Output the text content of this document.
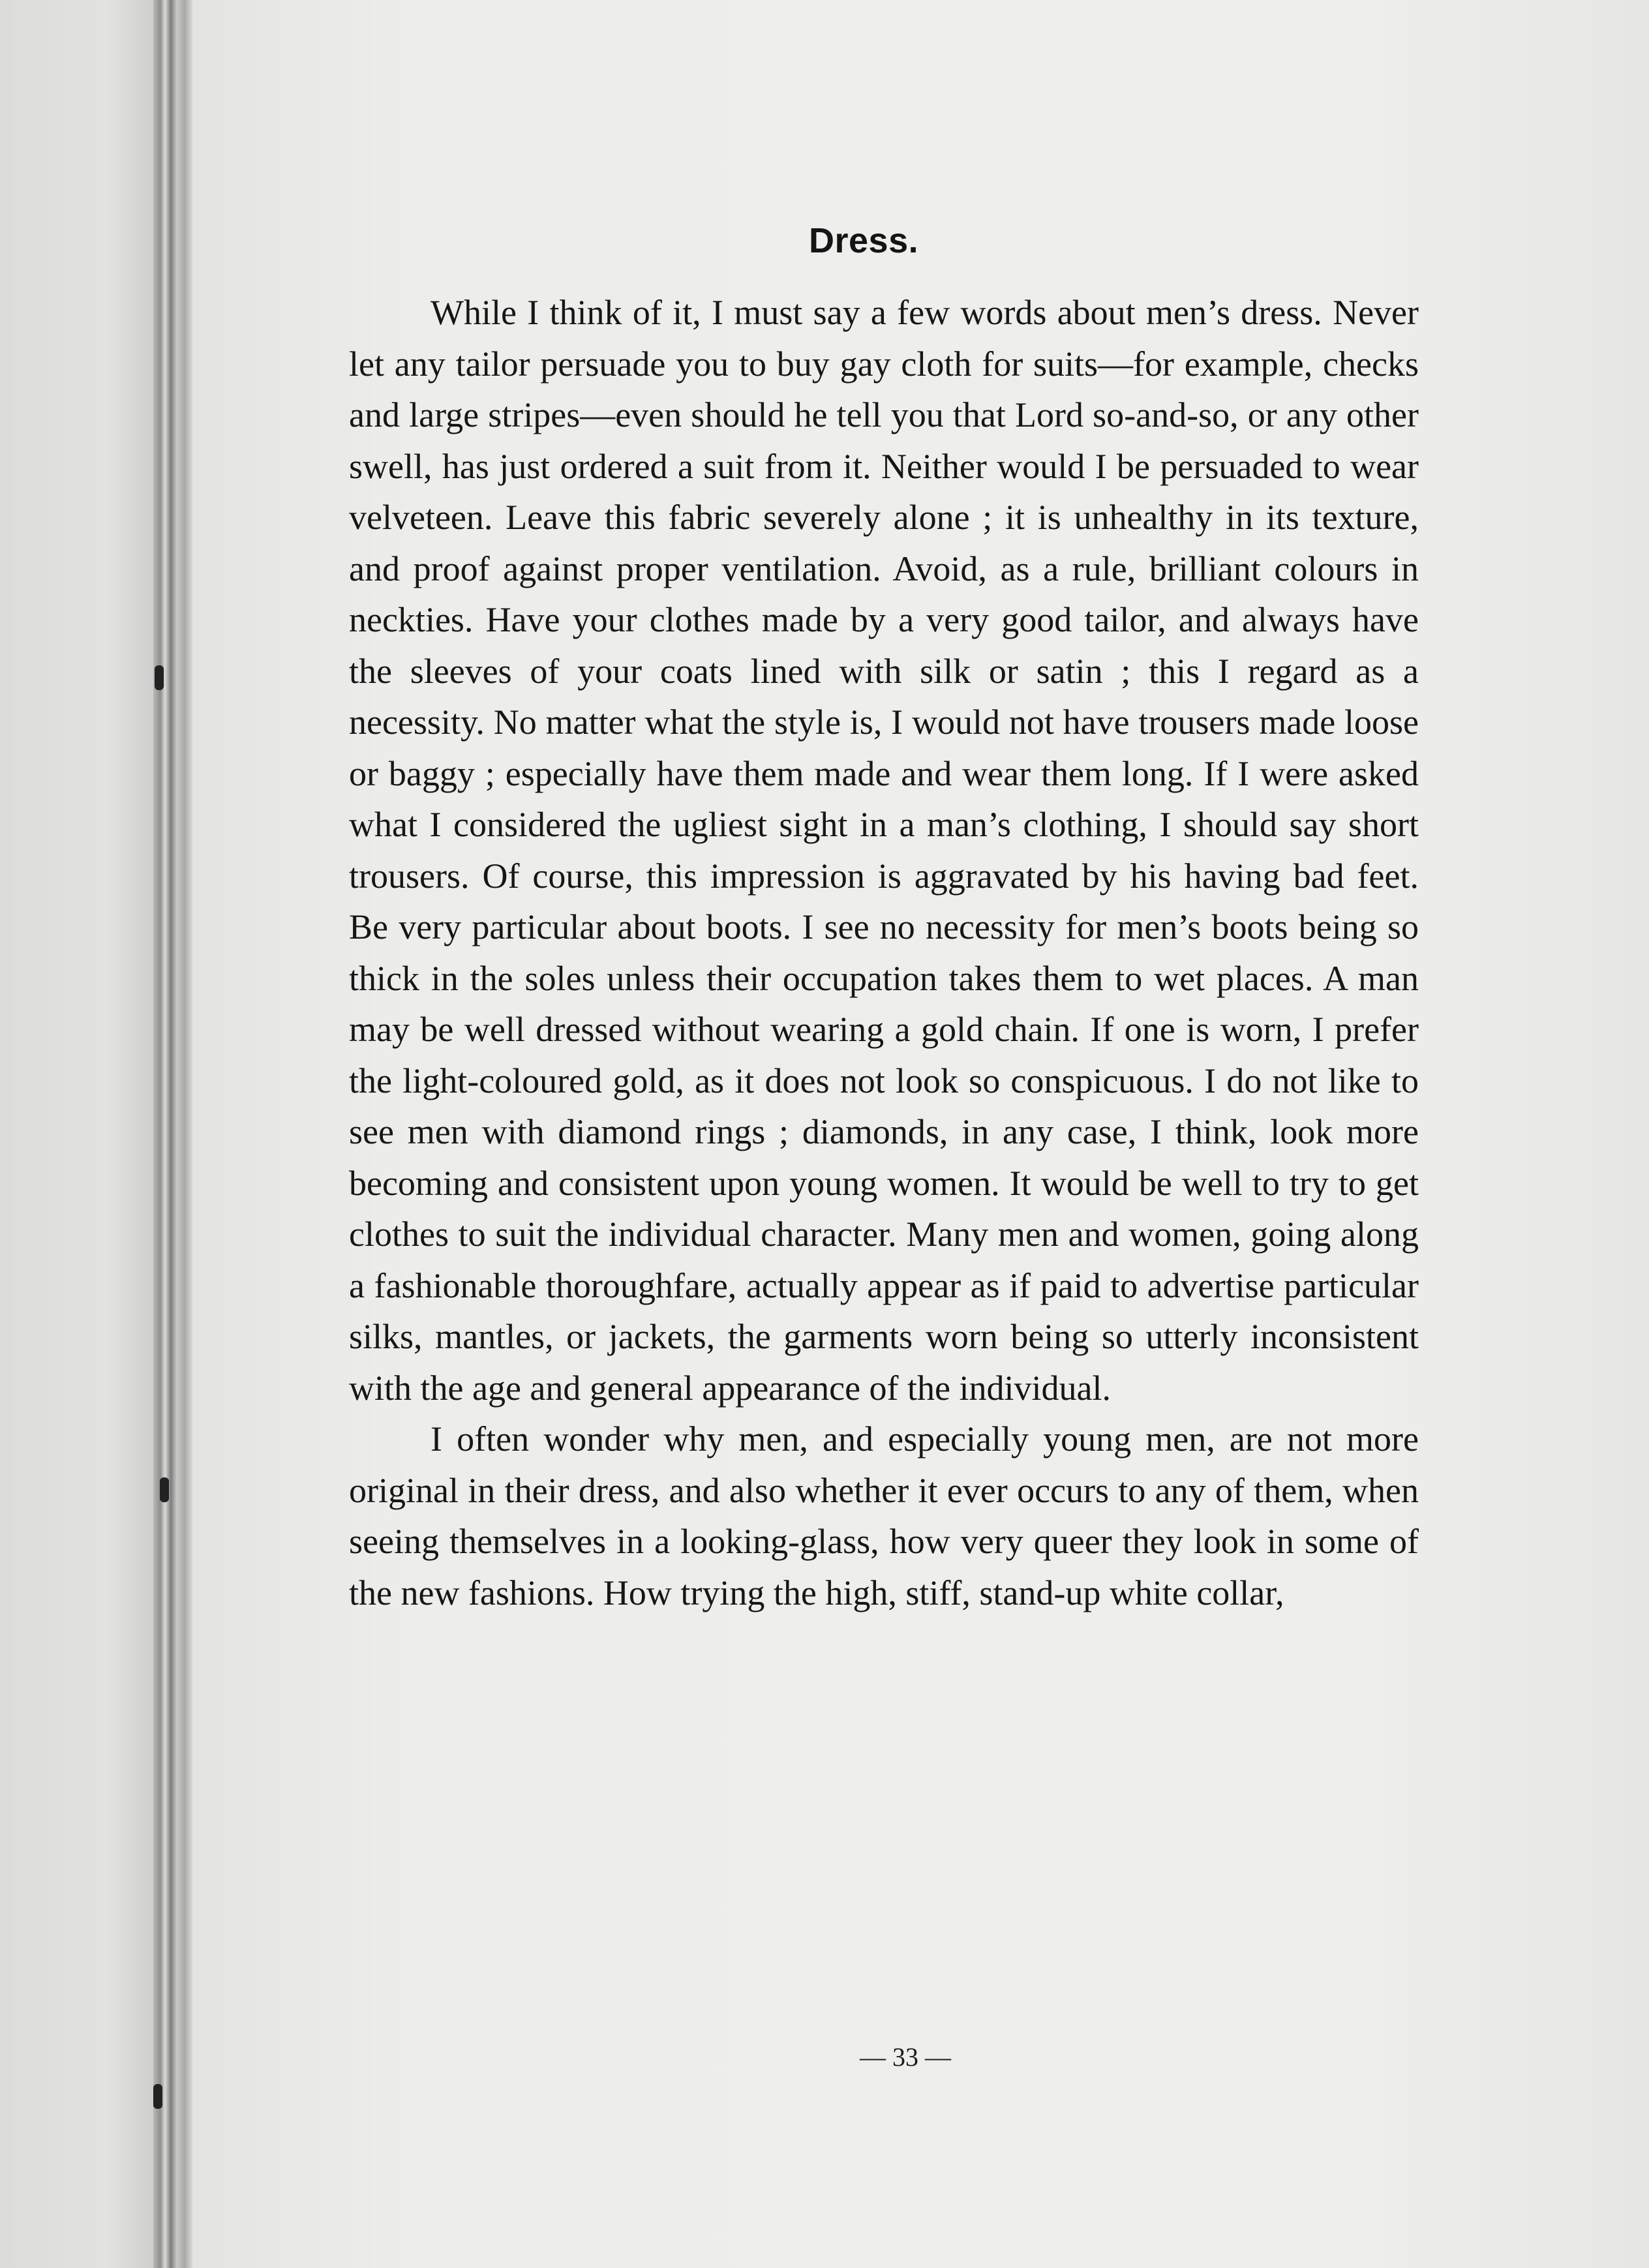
Dress.

While I think of it, I must say a few words about men’s dress. Never let any tailor persuade you to buy gay cloth for suits—for example, checks and large stripes—even should he tell you that Lord so-and-so, or any other swell, has just ordered a suit from it. Neither would I be persuaded to wear velveteen. Leave this fabric severely alone ; it is unhealthy in its texture, and proof against proper ventilation. Avoid, as a rule, brilliant colours in neckties. Have your clothes made by a very good tailor, and always have the sleeves of your coats lined with silk or satin ; this I regard as a necessity. No matter what the style is, I would not have trousers made loose or baggy ; especially have them made and wear them long. If I were asked what I considered the ugliest sight in a man’s clothing, I should say short trousers. Of course, this impression is aggravated by his having bad feet. Be very particular about boots. I see no necessity for men’s boots being so thick in the soles unless their occupation takes them to wet places. A man may be well dressed without wearing a gold chain. If one is worn, I prefer the light-coloured gold, as it does not look so conspicuous. I do not like to see men with diamond rings ; diamonds, in any case, I think, look more becoming and consistent upon young women. It would be well to try to get clothes to suit the individual character. Many men and women, going along a fashionable thoroughfare, actually appear as if paid to advertise particular silks, mantles, or jackets, the garments worn being so utterly inconsistent with the age and general appearance of the individual.

I often wonder why men, and especially young men, are not more original in their dress, and also whether it ever occurs to any of them, when seeing themselves in a looking-glass, how very queer they look in some of the new fashions. How trying the high, stiff, stand-up white collar,

— 33 —
